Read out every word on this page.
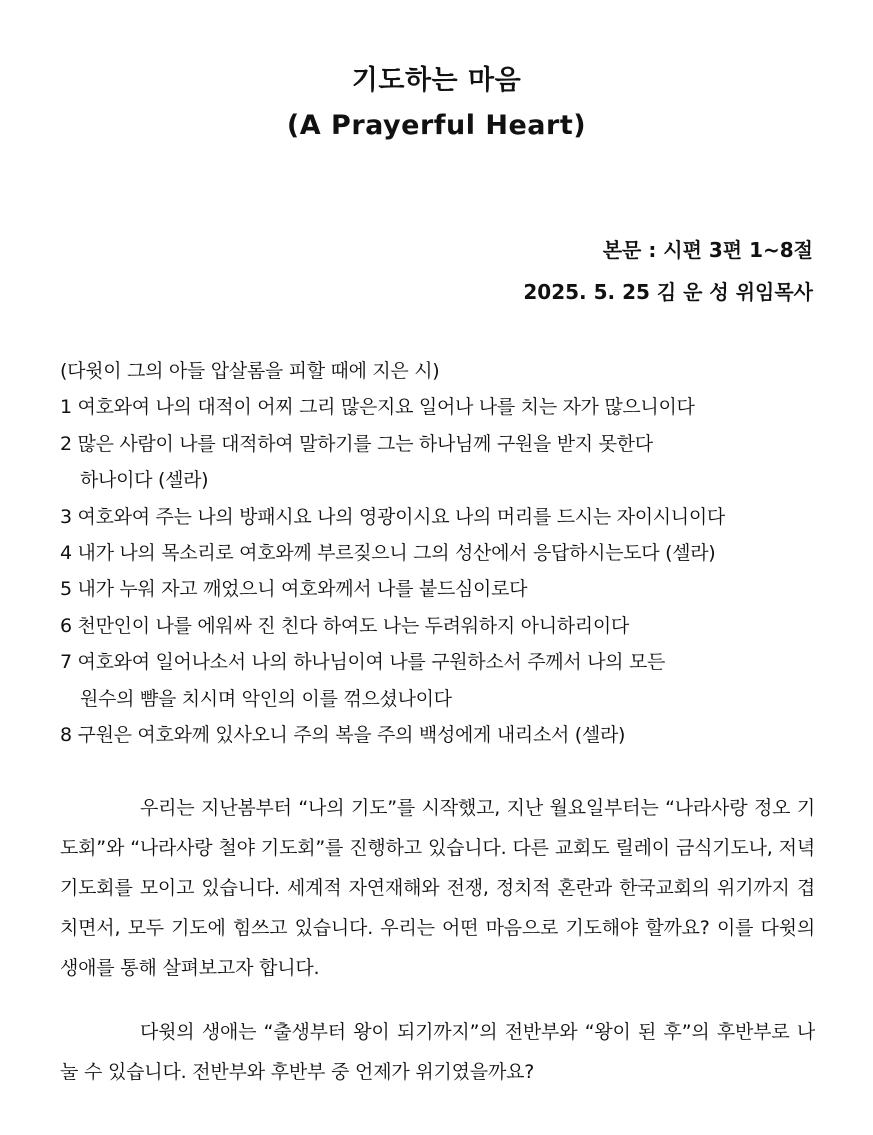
기도하는 마음
(A Prayerful Heart)
본문 : 시편 3편 1~8절
2025. 5. 25 김 운 성 위임목사
(다윗이 그의 아들 압살롬을 피할 때에 지은 시)
1 여호와여 나의 대적이 어찌 그리 많은지요 일어나 나를 치는 자가 많으니이다
2 많은 사람이 나를 대적하여 말하기를 그는 하나님께 구원을 받지 못한다
하나이다 (셀라)
3 여호와여 주는 나의 방패시요 나의 영광이시요 나의 머리를 드시는 자이시니이다
4 내가 나의 목소리로 여호와께 부르짖으니 그의 성산에서 응답하시는도다 (셀라)
5 내가 누워 자고 깨었으니 여호와께서 나를 붙드심이로다
6 천만인이 나를 에워싸 진 친다 하여도 나는 두려워하지 아니하리이다
7 여호와여 일어나소서 나의 하나님이여 나를 구원하소서 주께서 나의 모든
원수의 뺨을 치시며 악인의 이를 꺾으셨나이다
8 구원은 여호와께 있사오니 주의 복을 주의 백성에게 내리소서 (셀라)

우리는 지난봄부터 “나의 기도”를 시작했고, 지난 월요일부터는 “나라사랑 정오 기도회”와 “나라사랑 철야 기도회”를 진행하고 있습니다. 다른 교회도 릴레이 금식기도나, 저녁기도회를 모이고 있습니다. 세계적 자연재해와 전쟁, 정치적 혼란과 한국교회의 위기까지 겹치면서, 모두 기도에 힘쓰고 있습니다. 우리는 어떤 마음으로 기도해야 할까요? 이를 다윗의 생애를 통해 살펴보고자 합니다.

다윗의 생애는 “출생부터 왕이 되기까지”의 전반부와 “왕이 된 후”의 후반부로 나눌 수 있습니다. 전반부와 후반부 중 언제가 위기였을까요?
